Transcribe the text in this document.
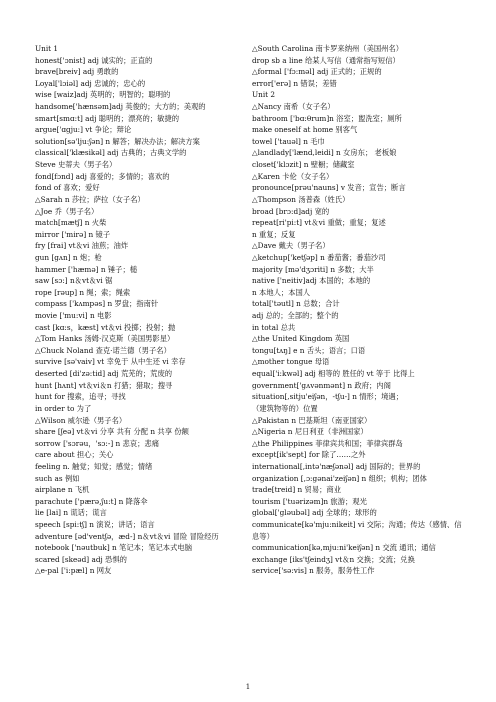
Unit 1
honest['ɔnist] adj 诚实的；正直的
brave[breiv] adj 勇敢的
Loyal['lɔiəl] adj 忠诚的；忠心的
wise [waiz]adj 英明的；明智的；聪明的
handsome['hænsəm]adj 英俊的；大方的；美观的
smart[smɑ:t] adj 聪明的；漂亮的；敏捷的
argue['ɑgju:] vt 争论；辩论
solution[sə'lju:ʃən] n 解答；解决办法；解决方案
classical['klæsikəl] adj 古典的；古典文学的
Steve 史蒂夫（男子名）
fond[fɔnd] adj 喜爱的；多情的；喜欢的
fond of 喜欢；爱好
△Sarah n 莎拉；萨拉（女子名）
△Joe 乔（男子名）
match[mætʃ] n 火柴
mirror ['mirə] n 镜子
fry [frai] vt＆vi 油煎；油炸
gun [gʌn] n 炮；枪
hammer ['hæmə] n 锤子；槌
saw [sɔ:] n＆vt＆vi 锯
rope [rəup] n 绳；索；绳索
compass ['kʌmpəs] n 罗盘；指南针
movie ['mu:vi] n 电影
cast [kɑ:s，kæst] vt＆vi 投掷；投射；抛
△Tom Hanks 汤姆·汉克斯（美国男影星）
△Chuck Noland 查克·诺兰德（男子名）
survive [sə'vaiv] vt 幸免于 从中生还 vi 幸存
deserted [di'zə:tid] adj 荒芜的；荒废的
hunt [hʌnt] vt＆vi＆n 打猎；猎取；搜寻
hunt for 搜索，追寻；寻找
in order to 为了
△Wilson 威尔逊（男子名）
share [ʃeə] vt＆vi 分享 共有 分配 n 共享 份额
sorrow ['sɔrəu，'sɔ:-] n 悲哀；悲痛
care about 担心；关心
feeling n. 触觉；知觉；感觉；情绪
such as 例如
airplane n 飞机
parachute ['pærə,ʃu:t] n 降落伞
lie [lai] n 谎话；谎言
speech [spi:tʃ] n 演说；讲话；语言
adventure [əd'ventʃə，æd-] n＆vt＆vi 冒险 冒险经历
notebook ['nəutbuk] n 笔记本；笔记本式电脑
scared [skeəd] adj 恐惧的
△e-pal ['i:pæl] n 网友
△South Carolina 南卡罗来纳州（美国州名）
drop sb a line 给某人写信（通常指写短信）
△formal ['fɔ:məl] adj 正式的；正规的
error['erə] n 错误；差错
Unit 2
△Nancy 南希（女子名）
bathroom ['bɑ:θrum]n 浴室；盥洗室；厕所
make oneself at home 别客气
towel ['tauəl] n 毛巾
△landlady['lænd,leidi] n 女房东； 老板娘
closet['klɔzit] n 壁橱；储藏室
△Karen 卡伦（女子名）
pronounce[prəu'nauns] v 发音；宣告；断言
△Thompson 汤普森（姓氏）
broad [brɔ:d]adj 宽的
repeat[ri'pi:t] vt＆vi 重做；重复；复述
n 重复；反复
△Dave 戴夫（男子名）
△ketchup['ketʃəp] n 番茄酱；番茄沙司
majority [mə'dʒɔriti] n 多数；大半
native ['neitiv]adj 本国的；本地的
n 本地人；本国人
total['təutl] n 总数；合计
adj 总的；全部的；整个的
in total 总共
△the United Kingdom 英国
tongu[tʌŋ] e n 舌头；语言；口语
△mother tongue 母语
equal['i:kwəl] adj 相等的 胜任的 vt 等于 比得上
government['gʌvənmənt] n 政府；内阁
situation[,sitju'eiʃən，-tʃu-] n 情形；境遇；
（建筑物等的）位置
△Pakistan n 巴基斯坦（南亚国家）
△Nigeria n 尼日利亚（非洲国家）
△the Philippines 菲律宾共和国；菲律宾群岛
except[ik'sept] for 除了……之外
international[,intə'næʃənəl] adj 国际的；世界的
organization [,ɔ:gənai'zeiʃən] n 组织；机构；团体
trade[treid] n 贸易；商业
tourism ['tuərizəm]n 旅游；观光
global['gləubəl] adj 全球的；球形的
communicate[kə'mju:nikeit] vi 交际；沟通；传达（感情、信
息等）
communication[kə,mju:ni'keiʃən] n 交流 通讯；通信
exchange [iks'tʃeindʒ] vt＆n 交换；交流；兑换
service['sə:vis] n 服务，服务性工作
1
